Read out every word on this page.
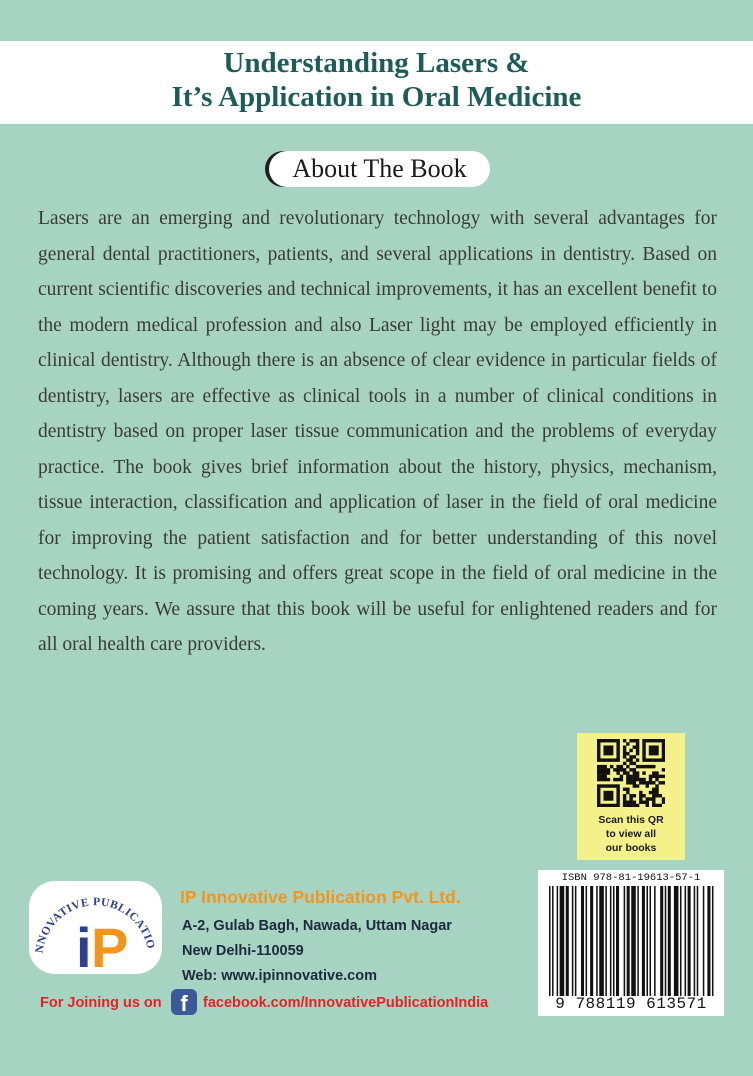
Understanding Lasers &
It’s Application in Oral Medicine
About The Book

Lasers are an emerging and revolutionary technology with several advantages for general dental practitioners, patients, and several applications in dentistry. Based on current scientific discoveries and technical improvements, it has an excellent benefit to the modern medical profession and also Laser light may be employed efficiently in clinical dentistry. Although there is an absence of clear evidence in particular fields of dentistry, lasers are effective as clinical tools in a number of clinical conditions in dentistry based on proper laser tissue communication and the problems of everyday practice. The book gives brief information about the history, physics, mechanism, tissue interaction, classification and application of laser in the field of oral medicine for improving the patient satisfaction and for better understanding of this novel technology. It is promising and offers great scope in the field of oral medicine in the coming years. We assure that this book will be useful for enlightened readers and for all oral health care providers.

Scan this QR
to view all
our books
NNOVATIVE PUBLICATIO
i P
IP Innovative Publication Pvt. Ltd.
A-2, Gulab Bagh, Nawada, Uttam Nagar
New Delhi-110059
Web: www.ipinnovative.com
For Joining us on f	facebook.com/InnovativePublicationIndia
ISBN 978-81-19613-57-1
9 788119 613571
